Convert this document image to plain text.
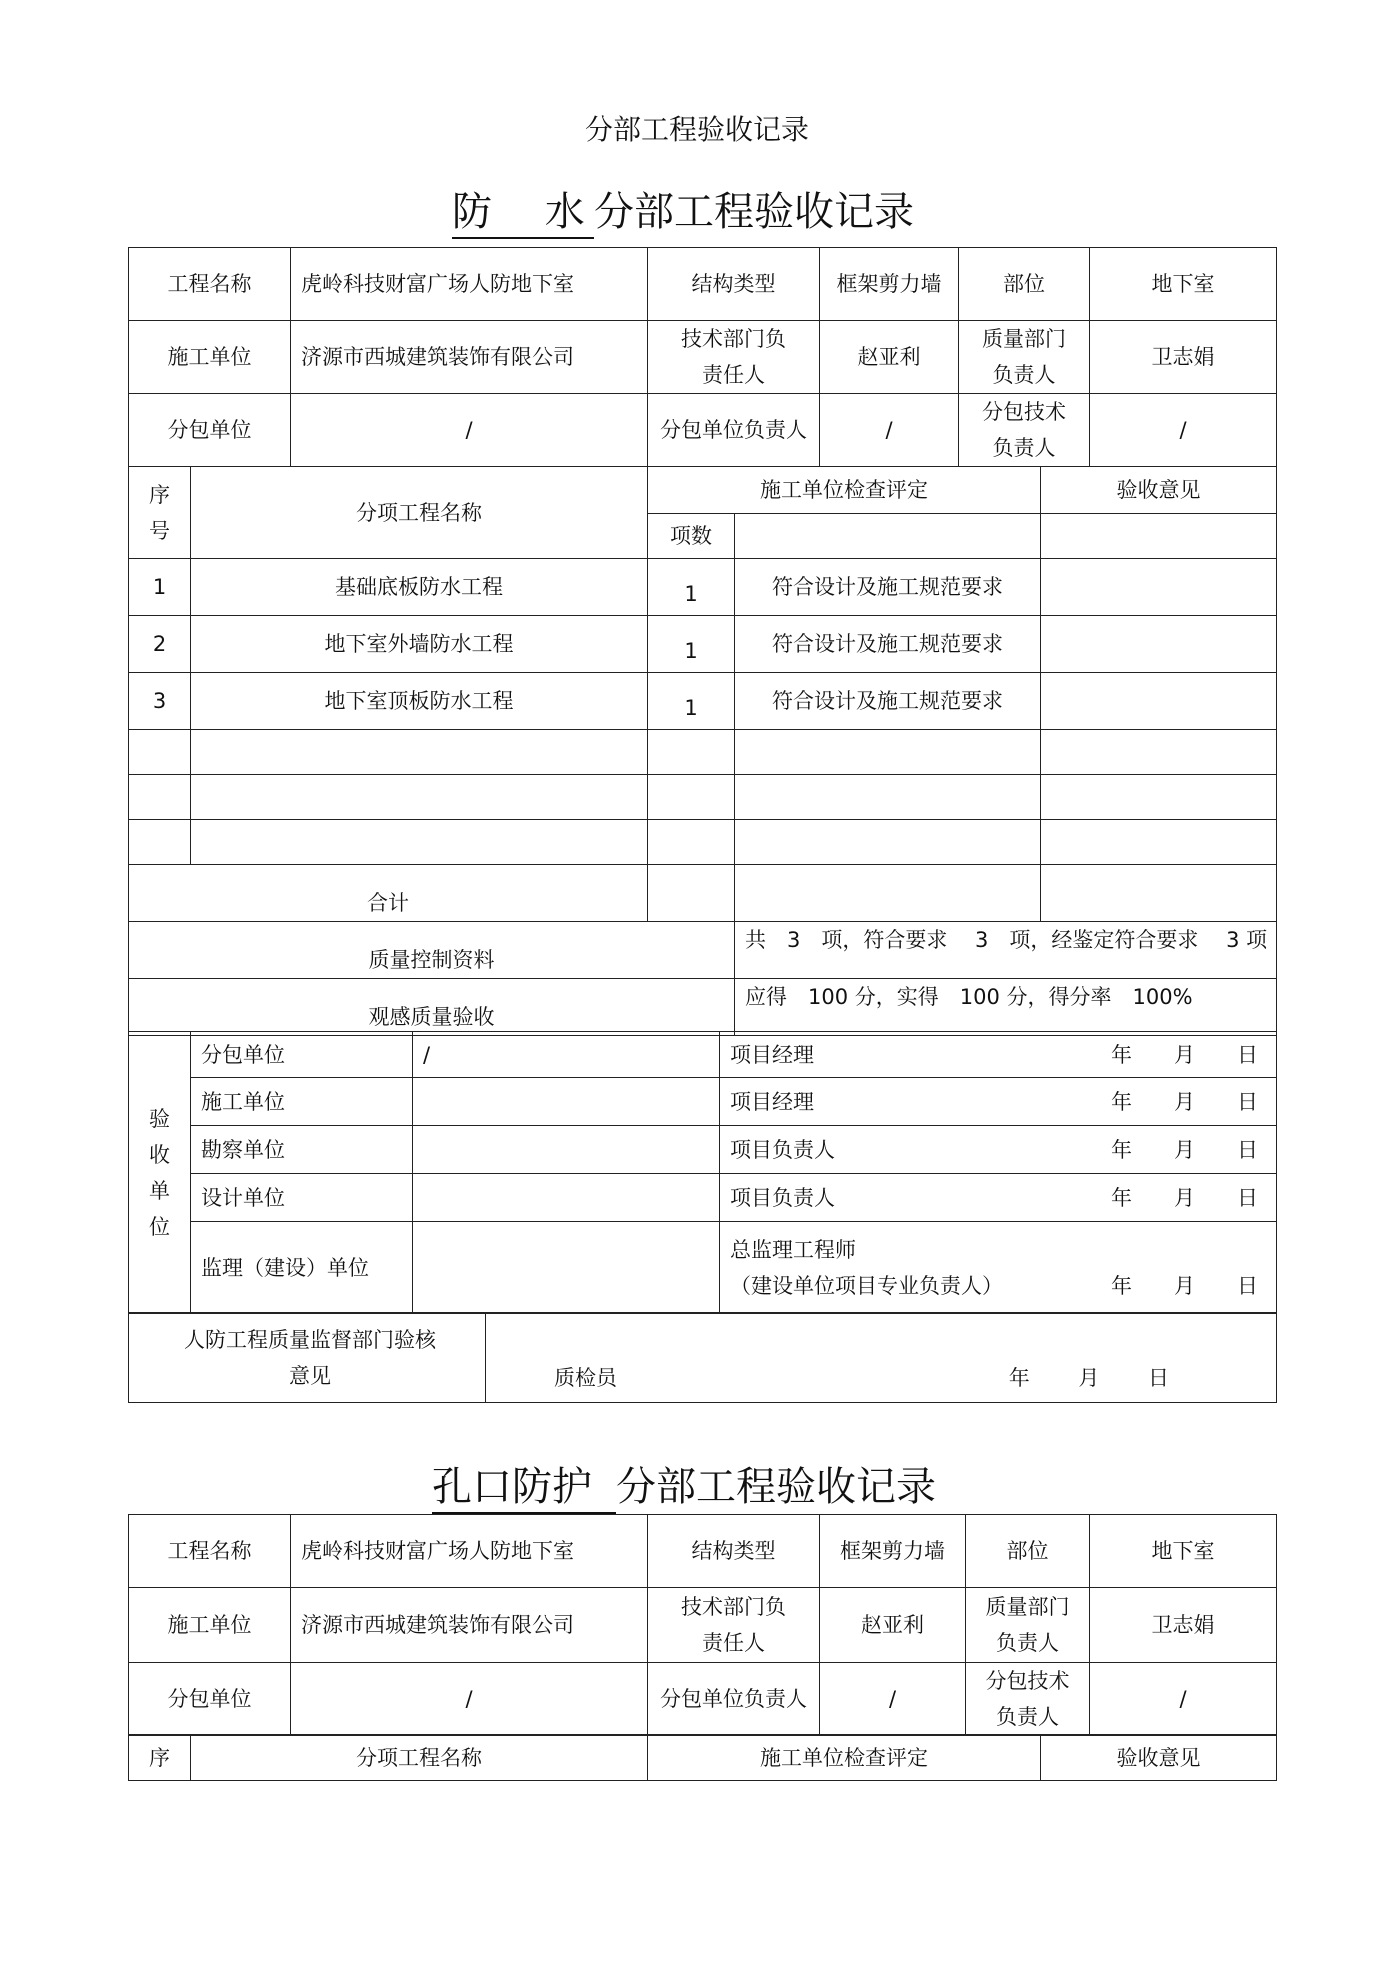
分部工程验收记录
防　 水 分部工程验收记录
工程名称	虎岭科技财富广场人防地下室	结构类型	框架剪力墙	部位	地下室
施工单位	济源市西城建筑装饰有限公司	技术部门负责任人	赵亚利	质量部门负责人	卫志娟
分包单位	/	分包单位负责人	/	分包技术负责人	/
序号	分项工程名称	施工单位检查评定		验收意见
		项数		
1	基础底板防水工程	1	符合设计及施工规范要求	
2	地下室外墙防水工程	1	符合设计及施工规范要求	
3	地下室顶板防水工程	1	符合设计及施工规范要求	

合计				
质量控制资料			共　3　项，符合要求　 3　项，经鉴定符合要求　 3 项	
观感质量验收			应得　100 分，实得　100 分，得分率　100%	
验收单位	分包单位	/	项目经理 年　　月　　日

	施工单位		项目经理 年　　月　　日

	勘察单位		项目负责人 年　　月　　日

	设计单位		项目负责人 年　　月　　日

	监理（建设）单位		总监理工程师
（建设单位项目专业负责人） 年　　月　　日
人防工程质量监督部门验核意见	质检员	年　　 月　　 日
孔口防护 分部工程验收记录
工程名称	虎岭科技财富广场人防地下室	结构类型	框架剪力墙	部位	地下室
施工单位	济源市西城建筑装饰有限公司	技术部门负责任人	赵亚利	质量部门负责人	卫志娟
分包单位	/	分包单位负责人	/	分包技术负责人	/
序	分项工程名称	施工单位检查评定	验收意见
